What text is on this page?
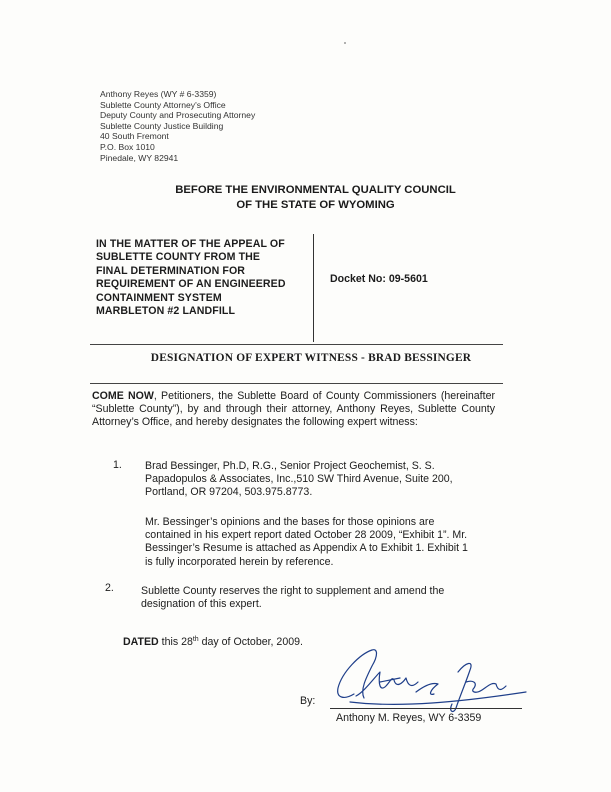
Anthony Reyes (WY # 6-3359)
Sublette County Attorney's Office
Deputy County and Prosecuting Attorney
Sublette County Justice Building
40 South Fremont
P.O. Box 1010
Pinedale, WY 82941
BEFORE THE ENVIRONMENTAL QUALITY COUNCIL
OF THE STATE OF WYOMING
IN THE MATTER OF THE APPEAL OF
SUBLETTE COUNTY FROM THE
FINAL DETERMINATION FOR
REQUIREMENT OF AN ENGINEERED
CONTAINMENT SYSTEM
MARBLETON #2 LANDFILL
Docket No: 09-5601
DESIGNATION OF EXPERT WITNESS - BRAD BESSINGER
COME NOW, Petitioners, the Sublette Board of County Commissioners (hereinafter “Sublette County”), by and through their attorney, Anthony Reyes, Sublette County Attorney’s Office, and hereby designates the following expert witness:
1. Brad Bessinger, Ph.D, R.G., Senior Project Geochemist, S. S.
Papadopulos & Associates, Inc.,510 SW Third Avenue, Suite 200,
Portland, OR 97204, 503.975.8773.
Mr. Bessinger’s opinions and the bases for those opinions are
contained in his expert report dated October 28 2009, “Exhibit 1”. Mr.
Bessinger’s Resume is attached as Appendix A to Exhibit 1. Exhibit 1
is fully incorporated herein by reference.
2.	Sublette County reserves the right to supplement and amend the
designation of this expert.
DATED this 28th day of October, 2009.
By:
Anthony M. Reyes, WY 6-3359
